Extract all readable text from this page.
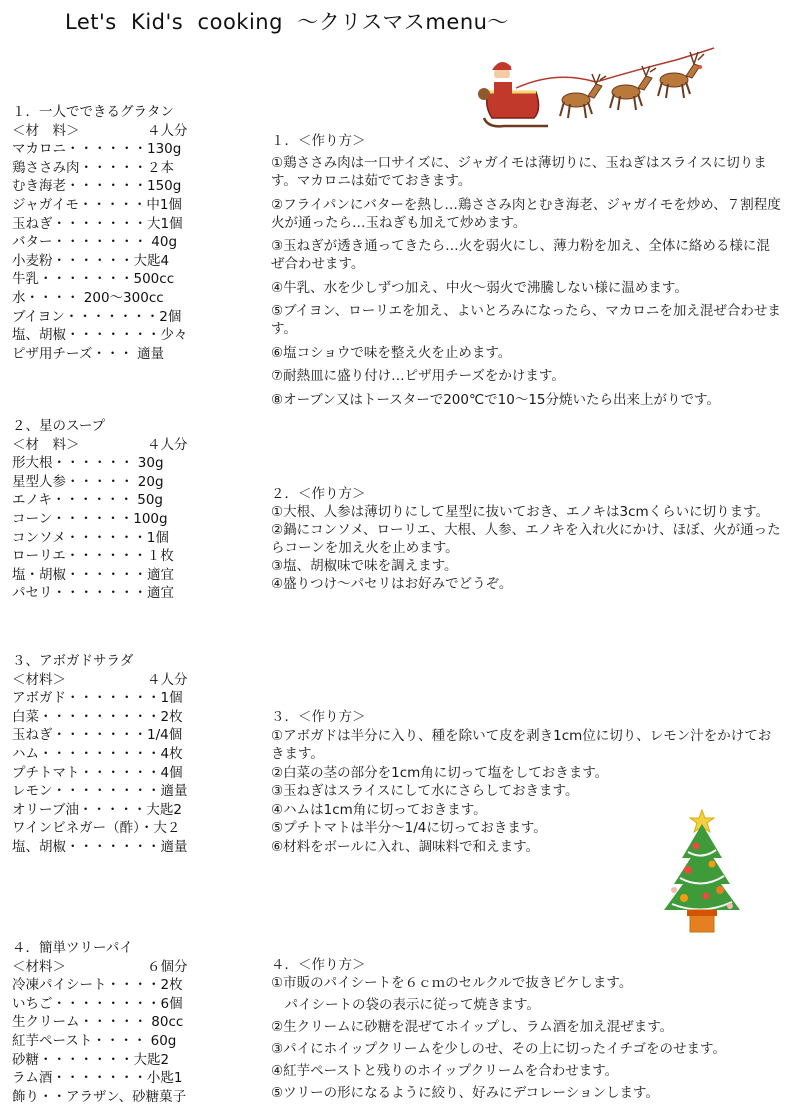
Let's  Kid's  cooking  ～クリスマスmenu～
１．一人でできるグラタン
＜材　料＞　　　　　４人分
マカロニ・・・・・・130g
鶏ささみ肉・・・・・２本
むき海老・・・・・・150g
ジャガイモ・・・・・中1個
玉ねぎ・・・・・・・大1個
バター・・・・・・・ 40g
小麦粉・・・・・・大匙4
牛乳・・・・・・・500cc
水・・・・ 200～300cc
ブイヨン・・・・・・・2個
塩、胡椒・・・・・・・少々
ピザ用チーズ・・・ 適量
２、星のスープ
＜材　料＞　　　　　４人分
形大根・・・・・・ 30g
星型人参・・・・・ 20g
エノキ・・・・・・ 50g
コーン・・・・・・100g
コンソメ・・・・・・1個
ローリエ・・・・・・１枚
塩・胡椒・・・・・・適宜
パセリ・・・・・・・適宜
３、アボガドサラダ
＜材料＞　　　　　　４人分
アボガド・・・・・・・1個
白菜・・・・・・・・・2枚
玉ねぎ・・・・・・・1/4個
ハム・・・・・・・・・4枚
プチトマト・・・・・・4個
レモン・・・・・・・・適量
オリーブ油・・・・・大匙2
ワインビネガー（酢）・大２
塩、胡椒・・・・・・・適量
４．簡単ツリーパイ
＜材料＞　　　　　　６個分
冷凍パイシート・・・・2枚
いちご・・・・・・・・6個
生クリーム・・・・・ 80cc
紅芋ペースト・・・・ 60g
砂糖・・・・・・・大匙2
ラム酒・・・・・・・小匙1
飾り・・アラザン、砂糖菓子
１．＜作り方＞

①鶏ささみ肉は一口サイズに、ジャガイモは薄切りに、玉ねぎはスライスに切ります。マカロニは茹でておきます。

②フライパンにバターを熱し…鶏ささみ肉とむき海老、ジャガイモを炒め、７割程度火が通ったら…玉ねぎも加えて炒めます。

③玉ねぎが透き通ってきたら…火を弱火にし、薄力粉を加え、全体に絡める様に混ぜ合わせます。

④牛乳、水を少しずつ加え、中火～弱火で沸騰しない様に温めます。

⑤ブイヨン、ローリエを加え、よいとろみになったら、マカロニを加え混ぜ合わせます。

⑥塩コショウで味を整え火を止めます。

⑦耐熱皿に盛り付け…ピザ用チーズをかけます。

⑧オーブン又はトースターで200℃で10～15分焼いたら出来上がりです。

２．＜作り方＞

①大根、人参は薄切りにして星型に抜いておき、エノキは3cmくらいに切ります。

②鍋にコンソメ、ローリエ、大根、人参、エノキを入れ火にかけ、ほぼ、火が通ったらコーンを加え火を止めます。

③塩、胡椒味で味を調えます。

④盛りつけ～パセリはお好みでどうぞ。

３．＜作り方＞

①アボガドは半分に入り、種を除いて皮を剥き1cm位に切り、レモン汁をかけておきます。

②白菜の茎の部分を1cm角に切って塩をしておきます。

③玉ねぎはスライスにして水にさらしておきます。

④ハムは1cm角に切っておきます。

⑤プチトマトは半分～1/4に切っておきます。

⑥材料をボールに入れ、調味料で和えます。

４．＜作り方＞

①市販のパイシートを６ｃｍのセルクルで抜きピケします。

　パイシートの袋の表示に従って焼きます。

②生クリームに砂糖を混ぜてホイップし、ラム酒を加え混ぜます。

③パイにホイップクリームを少しのせ、その上に切ったイチゴをのせます。

④紅芋ペーストと残りのホイップクリームを合わせます。

⑤ツリーの形になるように絞り、好みにデコレーションします。
